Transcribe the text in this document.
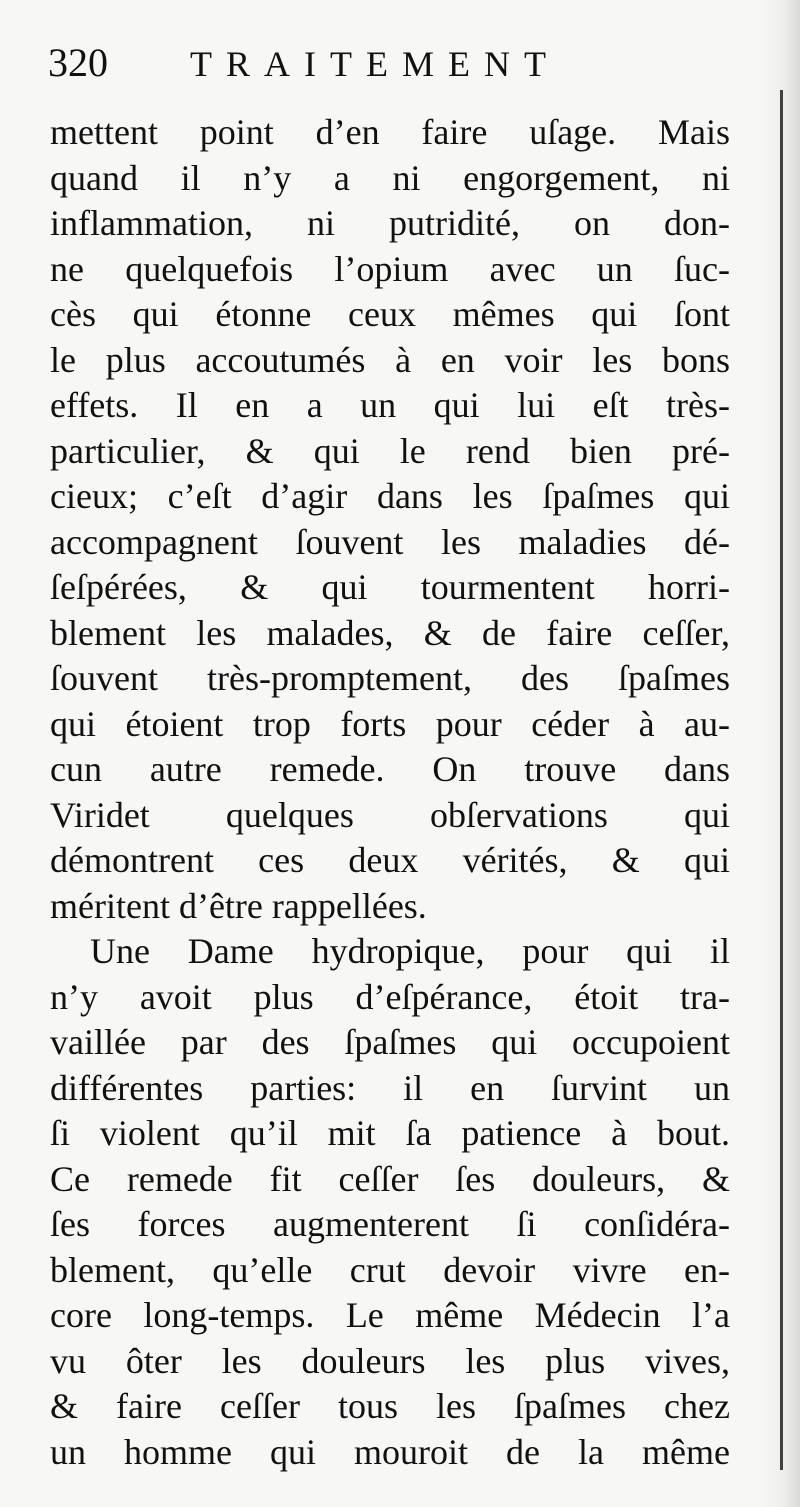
320 TRAITEMENT
mettent point d’en faire uſage. Mais
quand il n’y a ni engorgement, ni
inflammation, ni putridité, on don-
ne quelquefois l’opium avec un ſuc-
cès qui étonne ceux mêmes qui ſont
le plus accoutumés à en voir les bons
effets. Il en a un qui lui eſt très-
particulier, & qui le rend bien pré-
cieux; c’eſt d’agir dans les ſpaſmes qui
accompagnent ſouvent les maladies dé-
ſeſpérées, & qui tourmentent horri-
blement les malades, & de faire ceſſer,
ſouvent très-promptement, des ſpaſmes
qui étoient trop forts pour céder à au-
cun autre remede. On trouve dans
Viridet quelques obſervations qui
démontrent ces deux vérités, & qui
méritent d’être rappellées.
Une Dame hydropique, pour qui il
n’y avoit plus d’eſpérance, étoit tra-
vaillée par des ſpaſmes qui occupoient
différentes parties: il en ſurvint un
ſi violent qu’il mit ſa patience à bout.
Ce remede fit ceſſer ſes douleurs, &
ſes forces augmenterent ſi conſidéra-
blement, qu’elle crut devoir vivre en-
core long-temps. Le même Médecin l’a
vu ôter les douleurs les plus vives,
& faire ceſſer tous les ſpaſmes chez
un homme qui mouroit de la même
